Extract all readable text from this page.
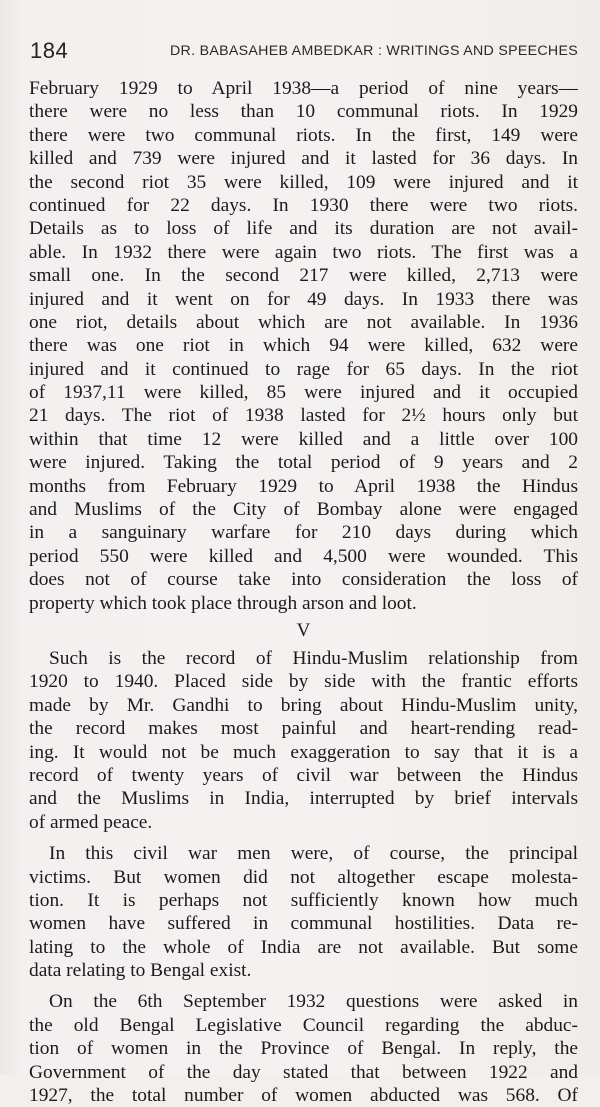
184	DR. BABASAHEB AMBEDKAR : WRITINGS AND SPEECHES
February 1929 to April 1938—a period of nine years—
there were no less than 10 communal riots. In 1929
there were two communal riots. In the first, 149 were
killed and 739 were injured and it lasted for 36 days. In
the second riot 35 were killed, 109 were injured and it
continued for 22 days. In 1930 there were two riots.
Details as to loss of life and its duration are not avail-
able. In 1932 there were again two riots. The first was a
small one. In the second 217 were killed, 2,713 were
injured and it went on for 49 days. In 1933 there was
one riot, details about which are not available. In 1936
there was one riot in which 94 were killed, 632 were
injured and it continued to rage for 65 days. In the riot
of 1937,11 were killed, 85 were injured and it occupied
21 days. The riot of 1938 lasted for 2½ hours only but
within that time 12 were killed and a little over 100
were injured. Taking the total period of 9 years and 2
months from February 1929 to April 1938 the Hindus
and Muslims of the City of Bombay alone were engaged
in a sanguinary warfare for 210 days during which
period 550 were killed and 4,500 were wounded. This
does not of course take into consideration the loss of
property which took place through arson and loot.
V
Such is the record of Hindu-Muslim relationship from
1920 to 1940. Placed side by side with the frantic efforts
made by Mr. Gandhi to bring about Hindu-Muslim unity,
the record makes most painful and heart-rending read-
ing. It would not be much exaggeration to say that it is a
record of twenty years of civil war between the Hindus
and the Muslims in India, interrupted by brief intervals
of armed peace.
In this civil war men were, of course, the principal
victims. But women did not altogether escape molesta-
tion. It is perhaps not sufficiently known how much
women have suffered in communal hostilities. Data re-
lating to the whole of India are not available. But some
data relating to Bengal exist.
On the 6th September 1932 questions were asked in
the old Bengal Legislative Council regarding the abduc-
tion of women in the Province of Bengal. In reply, the
Government of the day stated that between 1922 and
1927, the total number of women abducted was 568. Of
